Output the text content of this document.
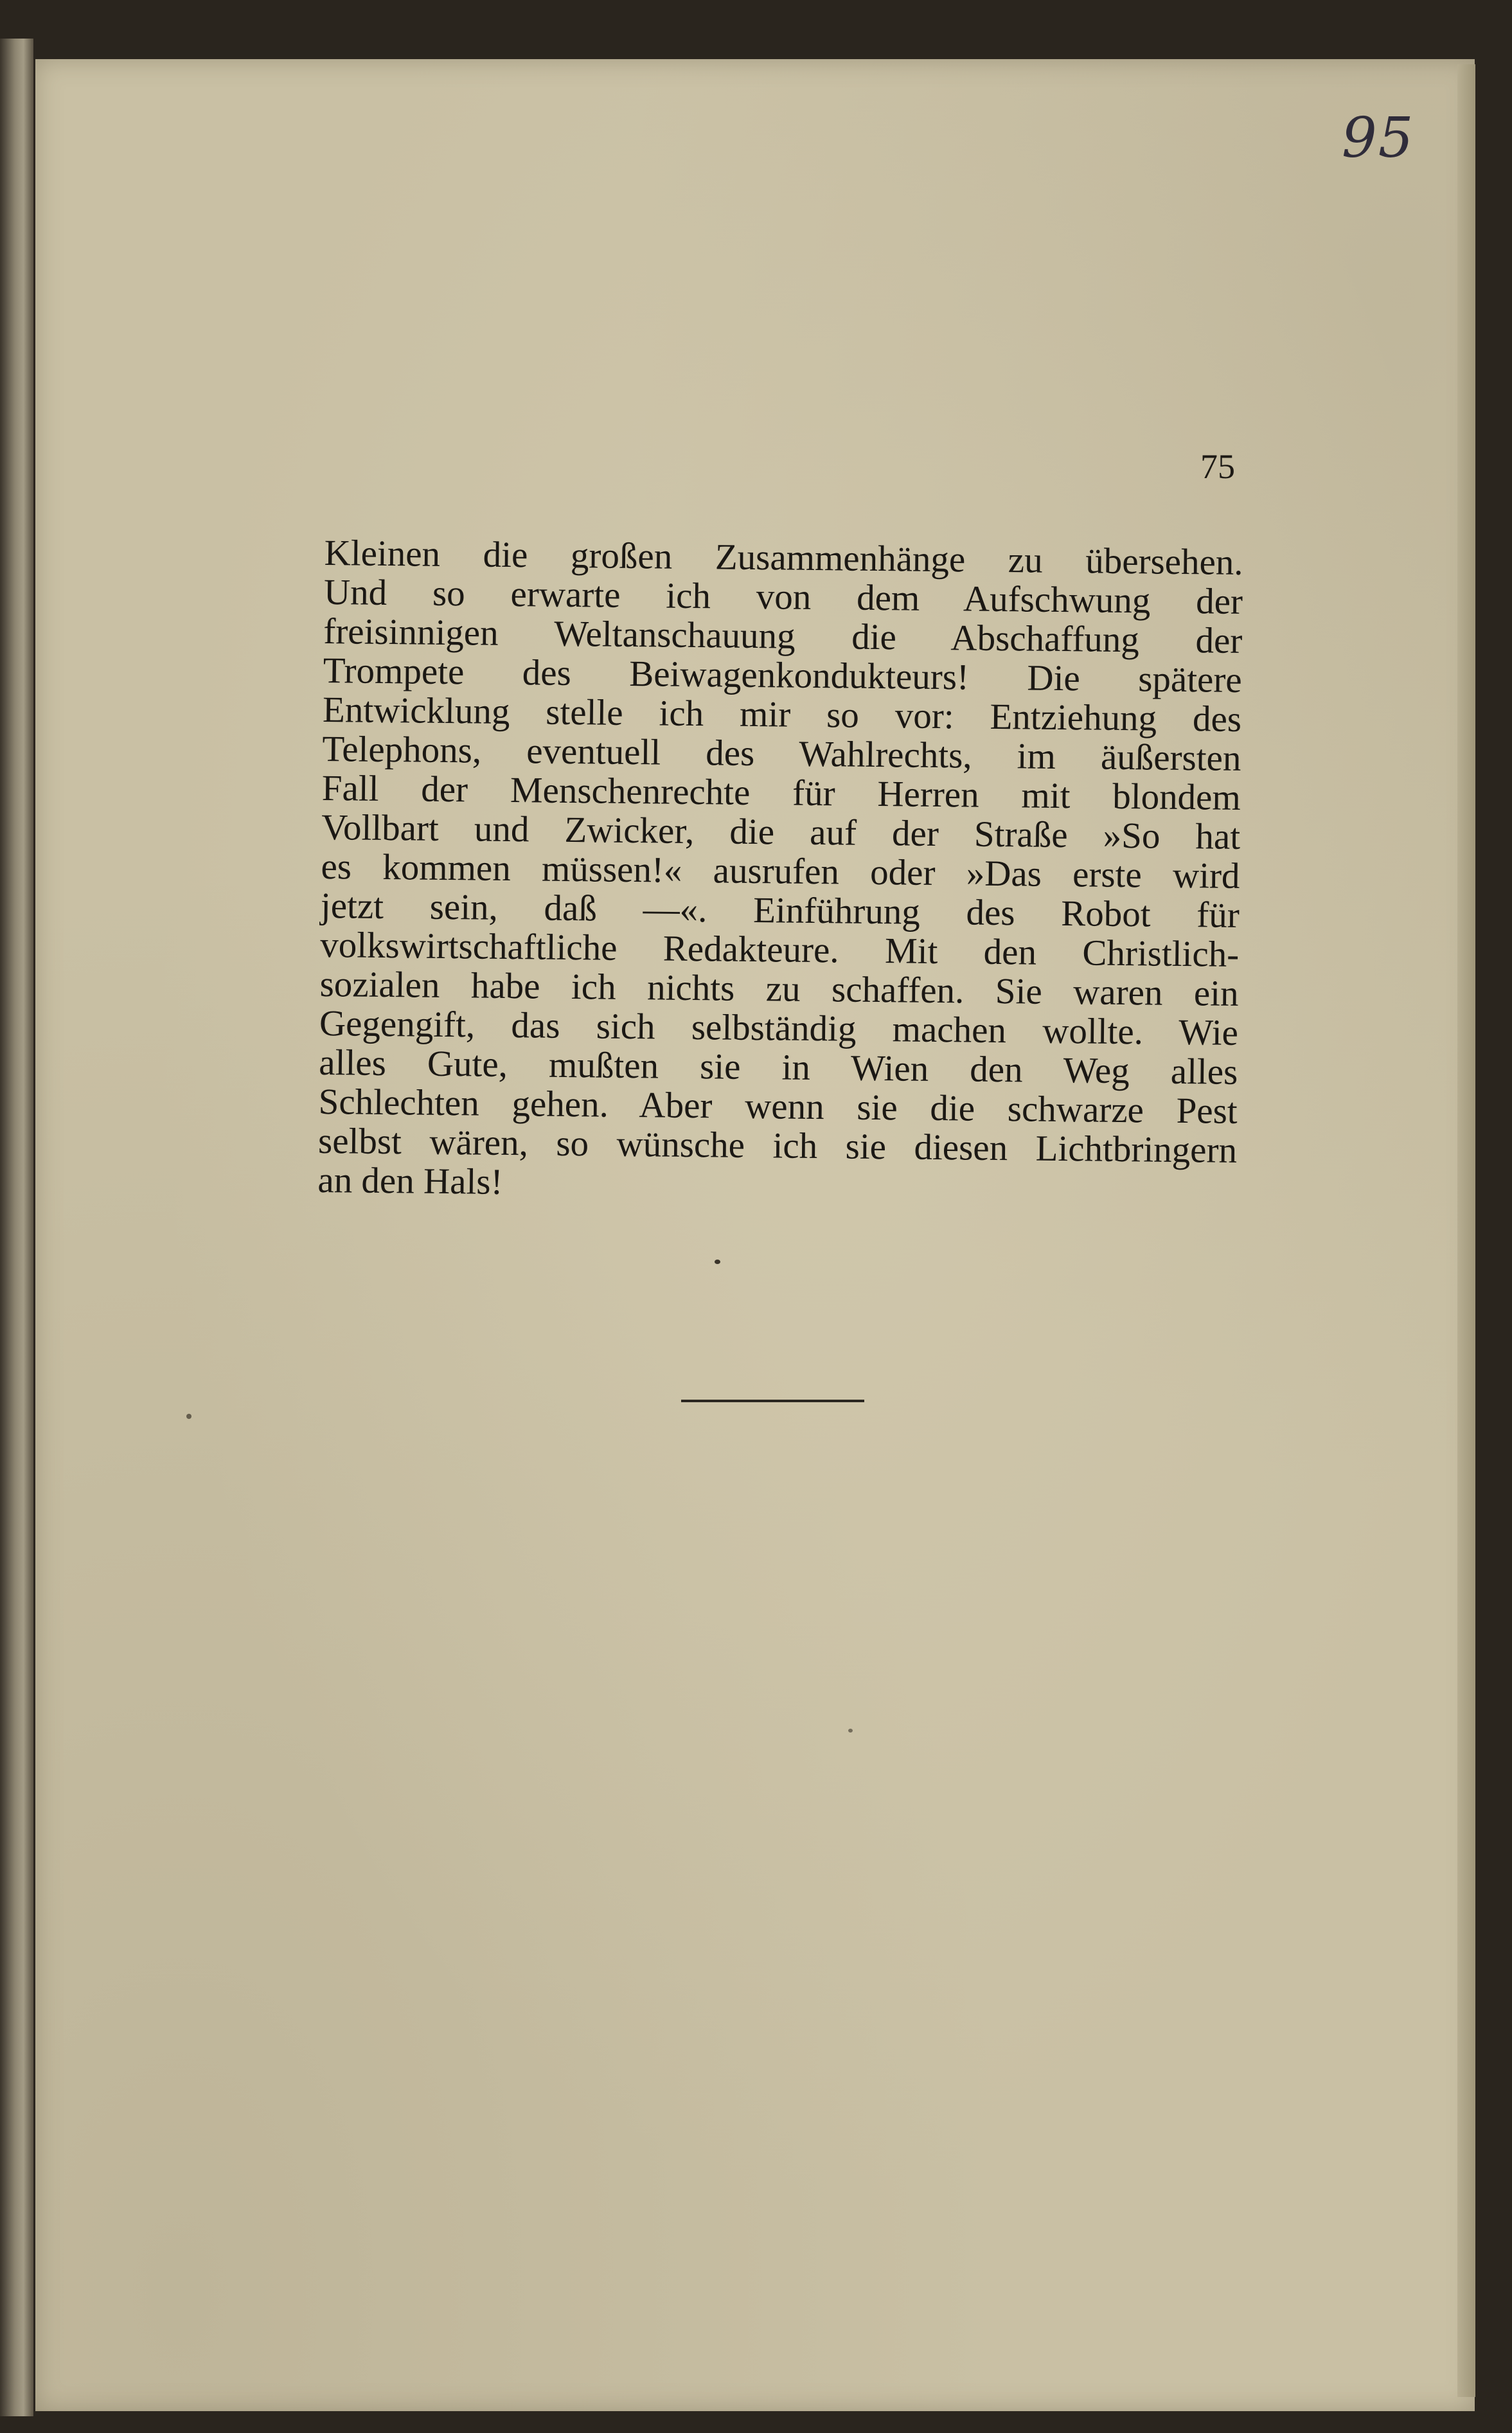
95
75
Kleinen die großen Zusammenhänge zu übersehen.
Und so erwarte ich von dem Aufschwung der
freisinnigen Weltanschauung die Abschaffung der
Trompete des Beiwagenkondukteurs! Die spätere
Entwicklung stelle ich mir so vor: Entziehung des
Telephons, eventuell des Wahlrechts, im äußersten
Fall der Menschenrechte für Herren mit blondem
Vollbart und Zwicker, die auf der Straße »So hat
es kommen müssen!« ausrufen oder »Das erste wird
jetzt sein, daß —«. Einführung des Robot für
volkswirtschaftliche Redakteure. Mit den Christlich-
sozialen habe ich nichts zu schaffen. Sie waren ein
Gegengift, das sich selbständig machen wollte. Wie
alles Gute, mußten sie in Wien den Weg alles
Schlechten gehen. Aber wenn sie die schwarze Pest
selbst wären, so wünsche ich sie diesen Lichtbringern
an den Hals!
